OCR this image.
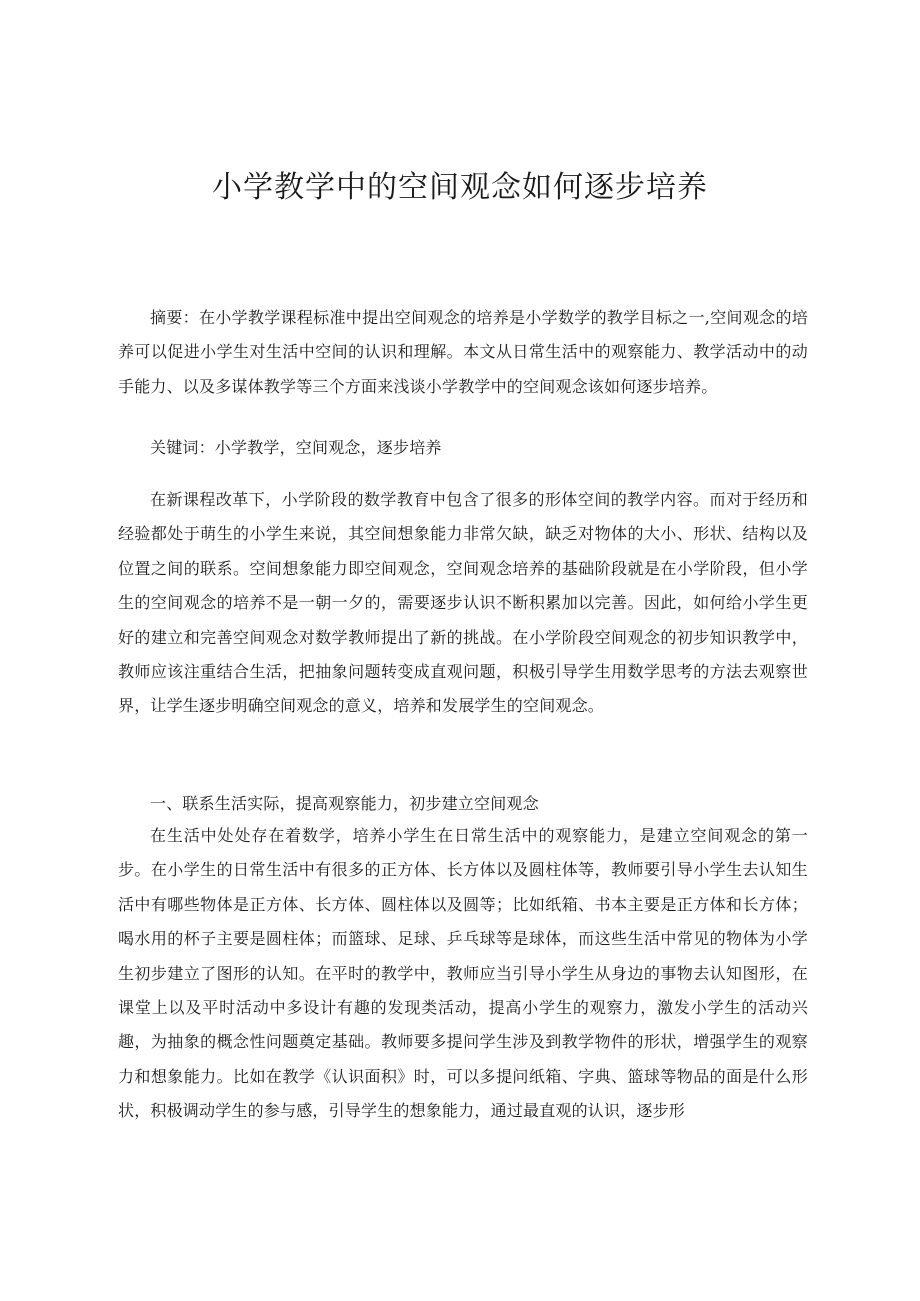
小学教学中的空间观念如何逐步培养

摘要：在小学教学课程标准中提出空间观念的培养是小学数学的教学目标之一,空间观念的培养可以促进小学生对生活中空间的认识和理解。本文从日常生活中的观察能力、教学活动中的动手能力、以及多谋体教学等三个方面来浅谈小学教学中的空间观念该如何逐步培养。

关键词：小学教学，空间观念，逐步培养

在新课程改革下，小学阶段的数学教育中包含了很多的形体空间的教学内容。而对于经历和经验都处于萌生的小学生来说，其空间想象能力非常欠缺，缺乏对物体的大小、形状、结构以及位置之间的联系。空间想象能力即空间观念，空间观念培养的基础阶段就是在小学阶段，但小学生的空间观念的培养不是一朝一夕的，需要逐步认识不断积累加以完善。因此，如何给小学生更好的建立和完善空间观念对数学教师提出了新的挑战。在小学阶段空间观念的初步知识教学中，教师应该注重结合生活，把抽象问题转变成直观问题，积极引导学生用数学思考的方法去观察世界，让学生逐步明确空间观念的意义，培养和发展学生的空间观念。

一、联系生活实际，提高观察能力，初步建立空间观念

在生活中处处存在着数学，培养小学生在日常生活中的观察能力，是建立空间观念的第一步。在小学生的日常生活中有很多的正方体、长方体以及圆柱体等，教师要引导小学生去认知生活中有哪些物体是正方体、长方体、圆柱体以及圆等；比如纸箱、书本主要是正方体和长方体；喝水用的杯子主要是圆柱体；而篮球、足球、乒乓球等是球体，而这些生活中常见的物体为小学生初步建立了图形的认知。在平时的教学中，教师应当引导小学生从身边的事物去认知图形，在课堂上以及平时活动中多设计有趣的发现类活动，提高小学生的观察力，激发小学生的活动兴趣，为抽象的概念性问题奠定基础。教师要多提问学生涉及到教学物件的形状，增强学生的观察力和想象能力。比如在教学《认识面积》时，可以多提问纸箱、字典、篮球等物品的面是什么形状，积极调动学生的参与感，引导学生的想象能力，通过最直观的认识，逐步形
